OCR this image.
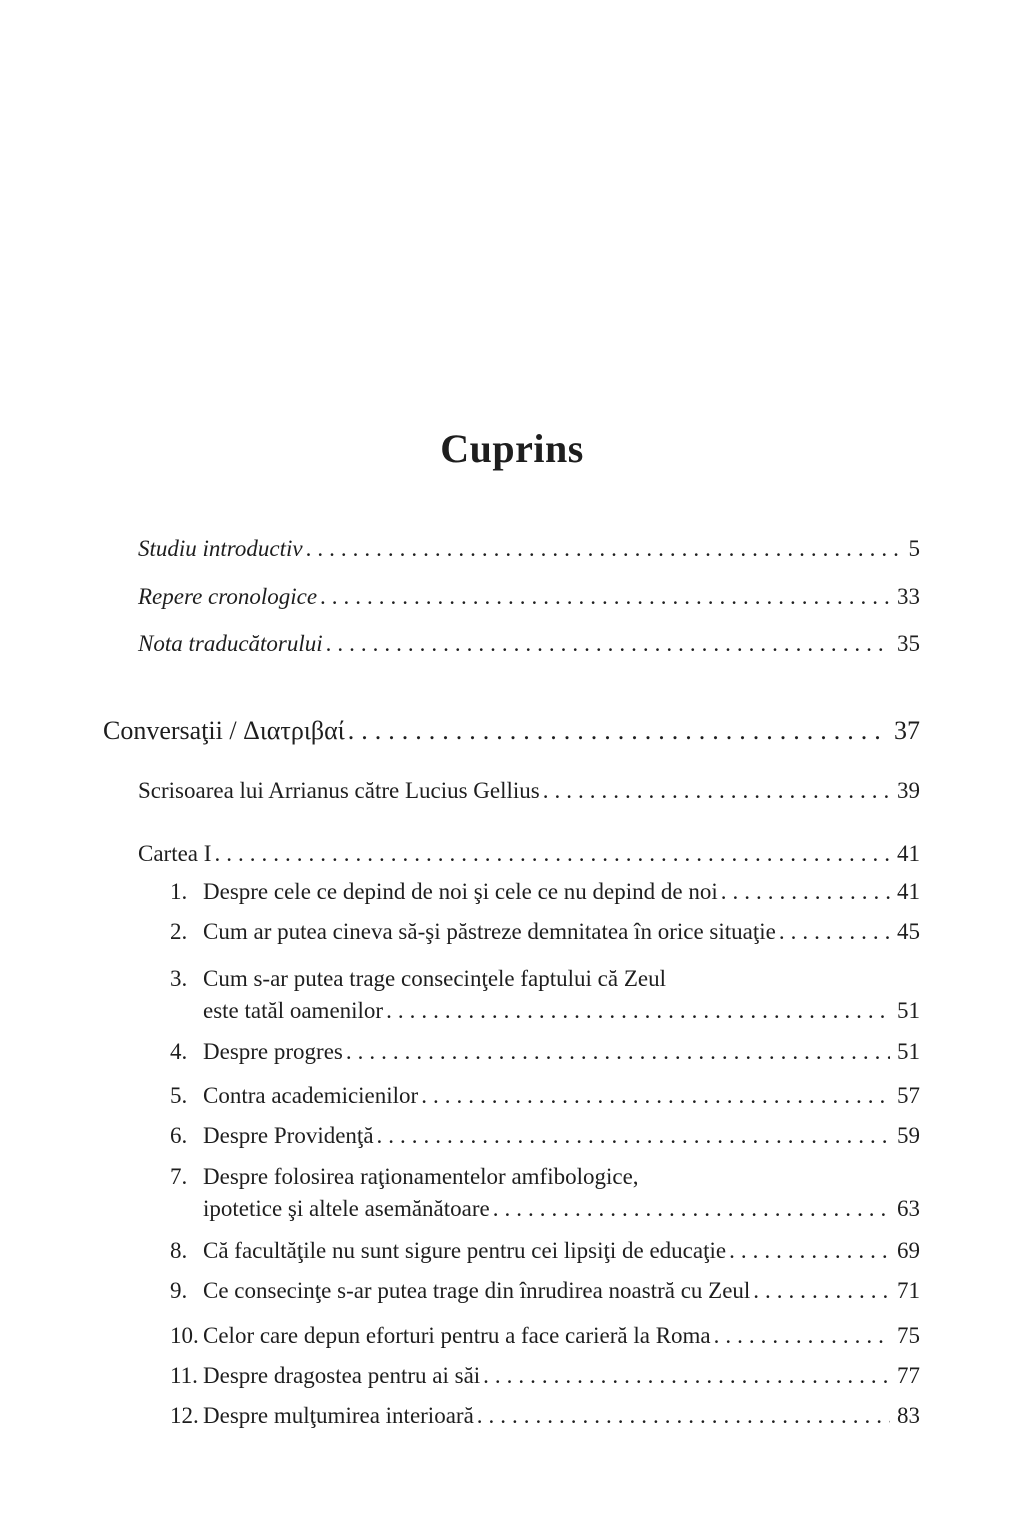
Cuprins
Studiu introductiv .....	5
Repere cronologice .....	33
Nota traducătorului .....	35
Conversaţii / Διατριβαί .....	37
Scrisoarea lui Arrianus către Lucius Gellius .....	39
Cartea I .....	41
1. Despre cele ce depind de noi şi cele ce nu depind de noi .....	41
2. Cum ar putea cineva să-şi păstreze demnitatea în orice situaţie .....	45
3. Cum s-ar putea trage consecinţele faptului că Zeul
este tatăl oamenilor .....	51
4. Despre progres .....	51
5. Contra academicienilor .....	57
6. Despre Providenţă .....	59
7. Despre folosirea raţionamentelor amfibologice,
ipotetice şi altele asemănătoare .....	63
8. Că facultăţile nu sunt sigure pentru cei lipsiţi de educaţie .....	69
9. Ce consecinţe s-ar putea trage din înrudirea noastră cu Zeul .....	71
10. Celor care depun eforturi pentru a face carieră la Roma .....	75
11. Despre dragostea pentru ai săi .....	77
12. Despre mulţumirea interioară .....	83
